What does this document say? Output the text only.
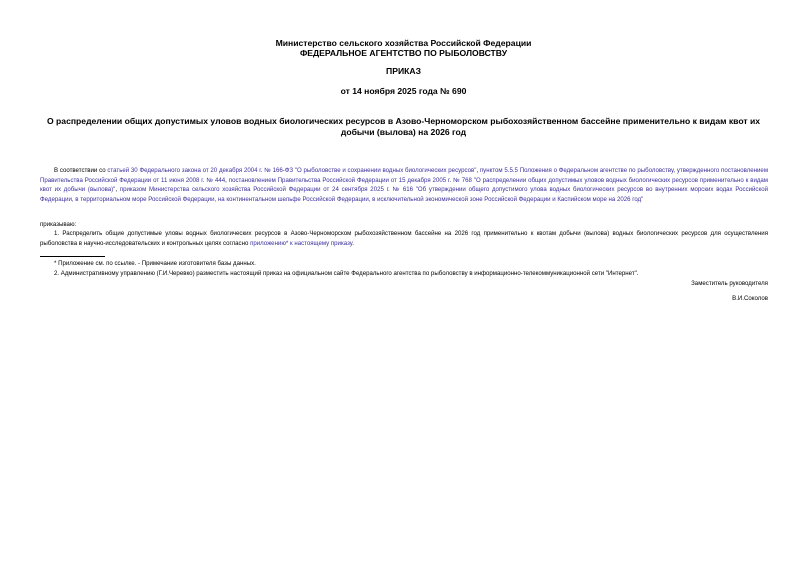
Министерство сельского хозяйства Российской Федерации
ФЕДЕРАЛЬНОЕ АГЕНТСТВО ПО РЫБОЛОВСТВУ
ПРИКАЗ
от 14 ноября 2025 года № 690
О распределении общих допустимых уловов водных биологических ресурсов в Азово-Черноморском рыбохозяйственном бассейне применительно к видам квот их добычи (вылова) на 2026 год
В соответствии со статьей 30 Федерального закона от 20 декабря 2004 г. № 166-ФЗ "О рыболовстве и сохранении водных биологических ресурсов", пунктом 5.5.5 Положения о Федеральном агентстве по рыболовству, утвержденного постановлением Правительства Российской Федерации от 11 июня 2008 г. № 444, постановлением Правительства Российской Федерации от 15 декабря 2005 г. № 768 "О распределении общих допустимых уловов водных биологических ресурсов применительно к видам квот их добычи (вылова)", приказом Министерства сельского хозяйства Российской Федерации от 24 сентября 2025 г. № 616 "Об утверждении общего допустимого улова водных биологических ресурсов во внутренних морских водах Российской Федерации, в территориальном море Российской Федерации, на континентальном шельфе Российской Федерации, в исключительной экономической зоне Российской Федерации и Каспийском море на 2026 год"
приказываю:
1. Распределить общие допустимые уловы водных биологических ресурсов в Азово-Черноморском рыбохозяйственном бассейне на 2026 год применительно к квотам добычи (вылова) водных биологических ресурсов для осуществления рыболовства в научно-исследовательских и контрольных целях согласно приложению* к настоящему приказу.
* Приложение см. по ссылке. - Примечание изготовителя базы данных.
2. Административному управлению (Г.И.Черевко) разместить настоящий приказ на официальном сайте Федерального агентства по рыболовству в информационно-телекоммуникационной сети "Интернет".
Заместитель руководителя
В.И.Соколов
